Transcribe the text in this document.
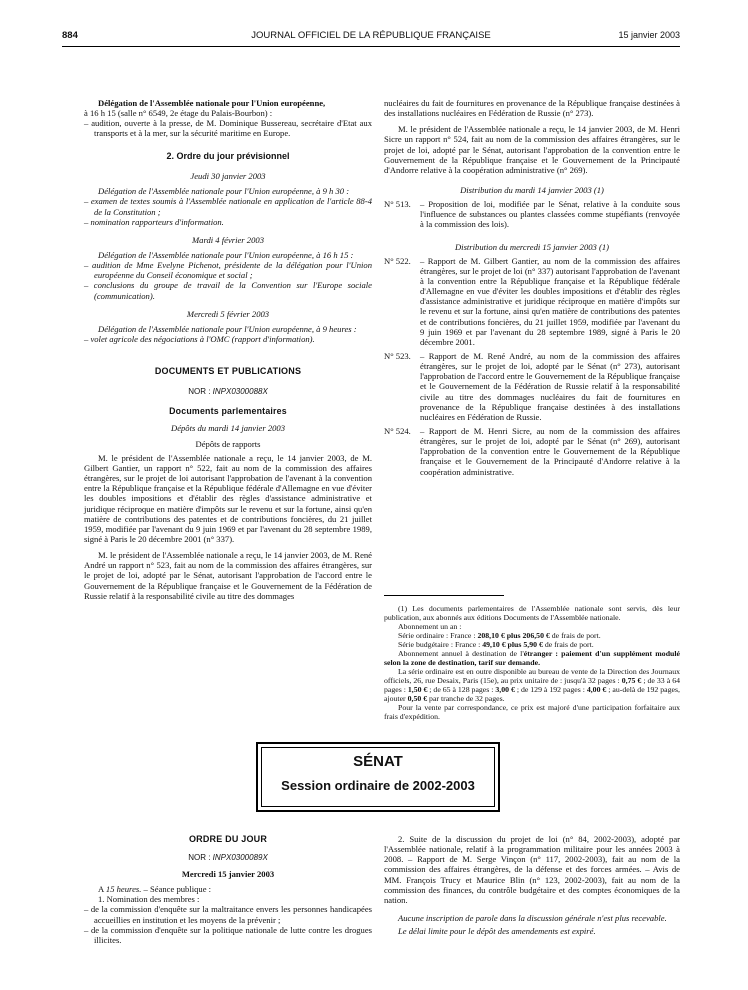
884	JOURNAL OFFICIEL DE LA RÉPUBLIQUE FRANÇAISE	15 janvier 2003

Délégation de l'Assemblée nationale pour l'Union européenne,

à 16 h 15 (salle n° 6549, 2e étage du Palais-Bourbon) :

– audition, ouverte à la presse, de M. Dominique Bussereau, secrétaire d'Etat aux transports et à la mer, sur la sécurité maritime en Europe.

2. Ordre du jour prévisionnel
Jeudi 30 janvier 2003

Délégation de l'Assemblée nationale pour l'Union européenne, à 9 h 30 :

– examen de textes soumis à l'Assemblée nationale en application de l'article 88-4 de la Constitution ;

– nomination rapporteurs d'information.

Mardi 4 février 2003

Délégation de l'Assemblée nationale pour l'Union européenne, à 16 h 15 :

– audition de Mme Evelyne Pichenot, présidente de la délégation pour l'Union européenne du Conseil économique et social ;

– conclusions du groupe de travail de la Convention sur l'Europe sociale (communication).

Mercredi 5 février 2003

Délégation de l'Assemblée nationale pour l'Union européenne, à 9 heures :

– volet agricole des négociations à l'OMC (rapport d'information).

DOCUMENTS ET PUBLICATIONS
NOR : INPX0300088X
Documents parlementaires
Dépôts du mardi 14 janvier 2003
Dépôts de rapports

M. le président de l'Assemblée nationale a reçu, le 14 janvier 2003, de M. Gilbert Gantier, un rapport n° 522, fait au nom de la commission des affaires étrangères, sur le projet de loi autorisant l'approbation de l'avenant à la convention entre la République française et la République fédérale d'Allemagne en vue d'éviter les doubles impositions et d'établir des règles d'assistance administrative et juridique réciproque en matière d'impôts sur le revenu et sur la fortune, ainsi qu'en matière de contributions des patentes et de contributions foncières, du 21 juillet 1959, modifiée par l'avenant du 9 juin 1969 et par l'avenant du 28 septembre 1989, signé à Paris le 20 décembre 2001 (n° 337).

M. le président de l'Assemblée nationale a reçu, le 14 janvier 2003, de M. René André un rapport n° 523, fait au nom de la commission des affaires étrangères, sur le projet de loi, adopté par le Sénat, autorisant l'approbation de l'accord entre le Gouvernement de la République française et le Gouvernement de la Fédération de Russie relatif à la responsabilité civile au titre des dommages

nucléaires du fait de fournitures en provenance de la République française destinées à des installations nucléaires en Fédération de Russie (n° 273).

M. le président de l'Assemblée nationale a reçu, le 14 janvier 2003, de M. Henri Sicre un rapport n° 524, fait au nom de la commission des affaires étrangères, sur le projet de loi, adopté par le Sénat, autorisant l'approbation de la convention entre le Gouvernement de la République française et le Gouvernement de la Principauté d'Andorre relative à la coopération administrative (n° 269).

Distribution du mardi 14 janvier 2003 (1)
N° 513.	– Proposition de loi, modifiée par le Sénat, relative à la conduite sous l'influence de substances ou plantes classées comme stupéfiants (renvoyée à la commission des lois).
Distribution du mercredi 15 janvier 2003 (1)
N° 522.	– Rapport de M. Gilbert Gantier, au nom de la commission des affaires étrangères, sur le projet de loi (n° 337) autorisant l'approbation de l'avenant à la convention entre la République française et la République fédérale d'Allemagne en vue d'éviter les doubles impositions et d'établir des règles d'assistance administrative et juridique réciproque en matière d'impôts sur le revenu et sur la fortune, ainsi qu'en matière de contributions des patentes et de contributions foncières, du 21 juillet 1959, modifiée par l'avenant du 9 juin 1969 et par l'avenant du 28 septembre 1989, signé à Paris le 20 décembre 2001.
N° 523.	– Rapport de M. René André, au nom de la commission des affaires étrangères, sur le projet de loi, adopté par le Sénat (n° 273), autorisant l'approbation de l'accord entre le Gouvernement de la République française et le Gouvernement de la Fédération de Russie relatif à la responsabilité civile au titre des dommages nucléaires du fait de fournitures en provenance de la République française destinées à des installations nucléaires en Fédération de Russie.
N° 524.	– Rapport de M. Henri Sicre, au nom de la commission des affaires étrangères, sur le projet de loi, adopté par le Sénat (n° 269), autorisant l'approbation de la convention entre le Gouvernement de la République française et le Gouvernement de la Principauté d'Andorre relative à la coopération administrative.

(1) Les documents parlementaires de l'Assemblée nationale sont servis, dès leur publication, aux abonnés aux éditions Documents de l'Assemblée nationale.

Abonnement un an :

Série ordinaire : France : 208,10 € plus 206,50 € de frais de port.

Série budgétaire : France : 49,10 € plus 5,90 € de frais de port.

Abonnement annuel à destination de l'étranger : paiement d'un supplément modulé selon la zone de destination, tarif sur demande.

La série ordinaire est en outre disponible au bureau de vente de la Direction des Journaux officiels, 26, rue Desaix, Paris (15e), au prix unitaire de : jusqu'à 32 pages : 0,75 € ; de 33 à 64 pages : 1,50 € ; de 65 à 128 pages : 3,00 € ; de 129 à 192 pages : 4,00 € ; au-delà de 192 pages, ajouter 0,50 € par tranche de 32 pages.

Pour la vente par correspondance, ce prix est majoré d'une participation forfaitaire aux frais d'expédition.

SÉNAT
Session ordinaire de 2002-2003
ORDRE DU JOUR
NOR : INPX0300089X
Mercredi 15 janvier 2003

A 15 heures. – Séance publique :

1. Nomination des membres :

– de la commission d'enquête sur la maltraitance envers les personnes handicapées accueillies en institution et les moyens de la prévenir ;

– de la commission d'enquête sur la politique nationale de lutte contre les drogues illicites.

2. Suite de la discussion du projet de loi (n° 84, 2002-2003), adopté par l'Assemblée nationale, relatif à la programmation militaire pour les années 2003 à 2008. – Rapport de M. Serge Vinçon (n° 117, 2002-2003), fait au nom de la commission des affaires étrangères, de la défense et des forces armées. – Avis de MM. François Trucy et Maurice Blin (n° 123, 2002-2003), fait au nom de la commission des finances, du contrôle budgétaire et des comptes économiques de la nation.

Aucune inscription de parole dans la discussion générale n'est plus recevable.

Le délai limite pour le dépôt des amendements est expiré.
